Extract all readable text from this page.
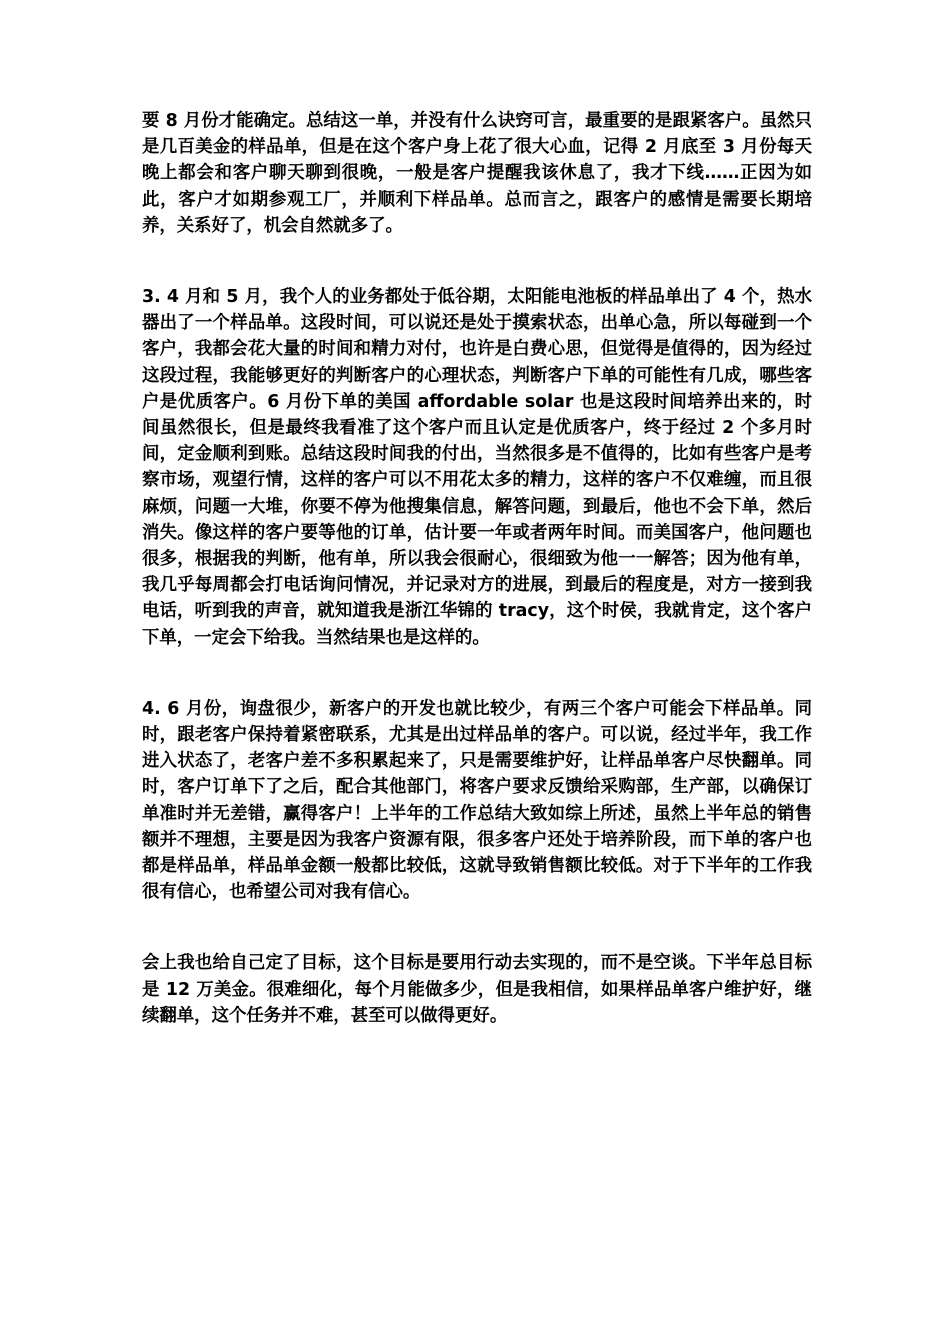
要 8 月份才能确定。总结这一单，并没有什么诀窍可言，最重要的是跟紧客户。虽然只是几百美金的样品单，但是在这个客户身上花了很大心血，记得 2 月底至 3 月份每天晚上都会和客户聊天聊到很晚，一般是客户提醒我该休息了，我才下线……正因为如此，客户才如期参观工厂，并顺利下样品单。总而言之，跟客户的感情是需要长期培养，关系好了，机会自然就多了。

3. 4 月和 5 月，我个人的业务都处于低谷期，太阳能电池板的样品单出了 4 个，热水器出了一个样品单。这段时间，可以说还是处于摸索状态，出单心急，所以每碰到一个客户，我都会花大量的时间和精力对付，也许是白费心思，但觉得是值得的，因为经过这段过程，我能够更好的判断客户的心理状态，判断客户下单的可能性有几成，哪些客户是优质客户。6 月份下单的美国 affordable solar 也是这段时间培养出来的，时间虽然很长，但是最终我看准了这个客户而且认定是优质客户，终于经过 2 个多月时间，定金顺利到账。总结这段时间我的付出，当然很多是不值得的，比如有些客户是考察市场，观望行情，这样的客户可以不用花太多的精力，这样的客户不仅难缠，而且很麻烦，问题一大堆，你要不停为他搜集信息，解答问题，到最后，他也不会下单，然后消失。像这样的客户要等他的订单，估计要一年或者两年时间。而美国客户，他问题也很多，根据我的判断，他有单，所以我会很耐心，很细致为他一一解答；因为他有单，我几乎每周都会打电话询问情况，并记录对方的进展，到最后的程度是，对方一接到我电话，听到我的声音，就知道我是浙江华锦的 tracy，这个时侯，我就肯定，这个客户下单，一定会下给我。当然结果也是这样的。

4. 6 月份，询盘很少，新客户的开发也就比较少，有两三个客户可能会下样品单。同时，跟老客户保持着紧密联系，尤其是出过样品单的客户。可以说，经过半年，我工作进入状态了，老客户差不多积累起来了，只是需要维护好，让样品单客户尽快翻单。同时，客户订单下了之后，配合其他部门，将客户要求反馈给采购部，生产部，以确保订单准时并无差错，赢得客户！上半年的工作总结大致如综上所述，虽然上半年总的销售额并不理想，主要是因为我客户资源有限，很多客户还处于培养阶段，而下单的客户也都是样品单，样品单金额一般都比较低，这就导致销售额比较低。对于下半年的工作我很有信心，也希望公司对我有信心。

会上我也给自己定了目标，这个目标是要用行动去实现的，而不是空谈。下半年总目标是 12 万美金。很难细化，每个月能做多少，但是我相信，如果样品单客户维护好，继续翻单，这个任务并不难，甚至可以做得更好。
